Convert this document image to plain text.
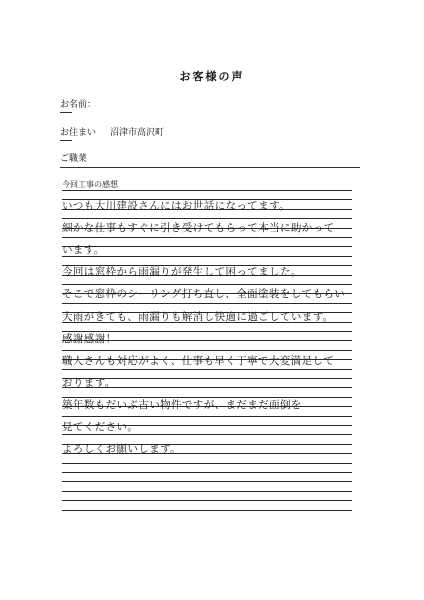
お客様の声
お名前：
お住まい 沼津市高沢町
ご職業
今回工事の感想
いつも大川建設さんにはお世話になってます。
細かな仕事もすぐに引き受けてもらって本当に助かって
います。
今回は窓枠から雨漏りが発生して困ってました。
そこで窓枠のシーリング打ち直し、全面塗装をしてもらい
大雨がきても、雨漏りも解消し快適に過ごしています。
感謝感謝！
職人さんも対応がよく、仕事も早く丁寧で大変満足して
おります。
築年数もだいぶ古い物件ですが、まだまだ面倒を
見てください。
よろしくお願いします。
